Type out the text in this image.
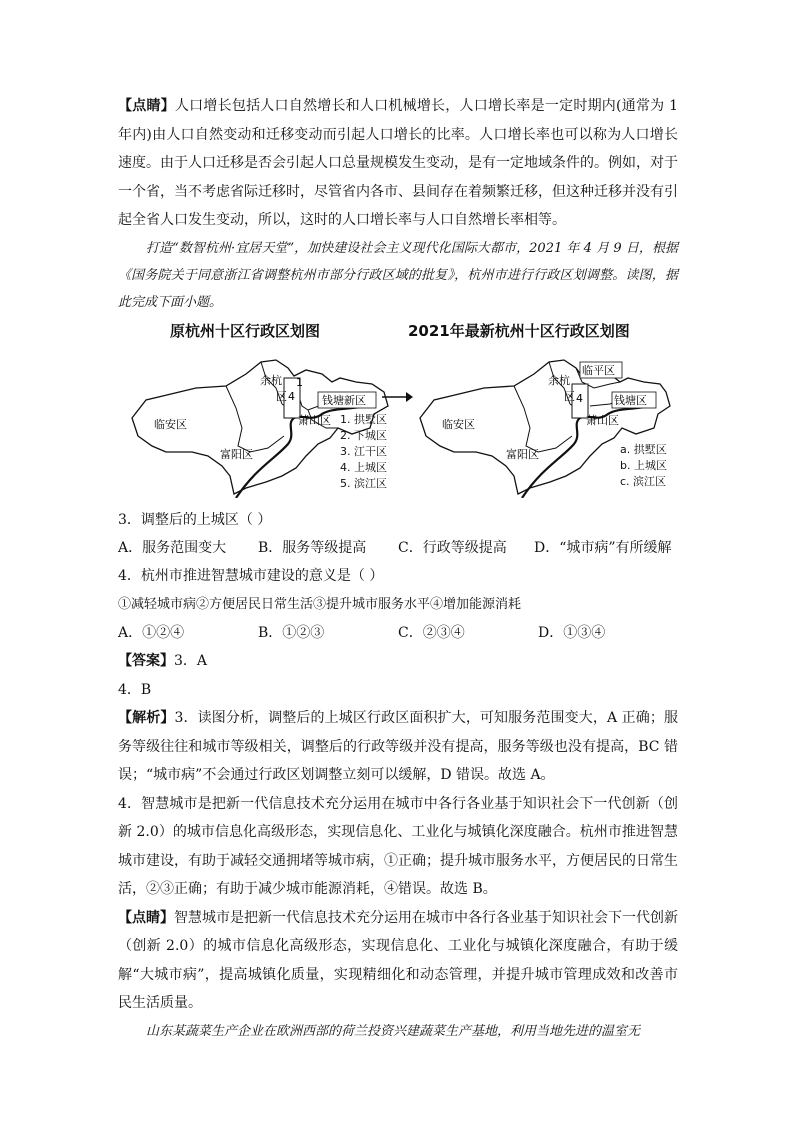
【点睛】人口增长包括人口自然增长和人口机械增长，人口增长率是一定时期内(通常为 1 年内)由人口自然变动和迁移变动而引起人口增长的比率。人口增长率也可以称为人口增长速度。由于人口迁移是否会引起人口总量规模发生变动，是有一定地域条件的。例如，对于一个省，当不考虑省际迁移时，尽管省内各市、县间存在着频繁迁移，但这种迁移并没有引起全省人口发生变动，所以，这时的人口增长率与人口自然增长率相等。

打造“数智杭州·宜居天堂”，加快建设社会主义现代化国际大都市，2021 年 4 月 9 日，根据《国务院关于同意浙江省调整杭州市部分行政区域的批复》，杭州市进行行政区划调整。读图，据此完成下面小题。

原杭州十区行政区划图	2021年最新杭州十区行政区划图
1
4
临安区
余杭
区	钱塘新区
萧山区
富阳区
1. 拱墅区
2. 下城区
3. 江干区
4. 上城区
5. 滨江区
4
临平区
临安区
余杭
区	钱塘区
萧山区
富阳区	a. 拱墅区
b. 上城区
c. 滨江区

3．调整后的上城区（ ）

A．服务范围变大	B．服务等级提高	C．行政等级提高	D．“城市病”有所缓解

4．杭州市推进智慧城市建设的意义是（ ）

①减轻城市病②方便居民日常生活③提升城市服务水平④增加能源消耗

A．①②④	B．①②③	C．②③④	D．①③④

【答案】3．A

4．B

【解析】3．读图分析，调整后的上城区行政区面积扩大，可知服务范围变大，A 正确；服务等级往往和城市等级相关，调整后的行政等级并没有提高，服务等级也没有提高，BC 错误；“城市病”不会通过行政区划调整立刻可以缓解，D 错误。故选 A。

4．智慧城市是把新一代信息技术充分运用在城市中各行各业基于知识社会下一代创新（创新 2.0）的城市信息化高级形态，实现信息化、工业化与城镇化深度融合。杭州市推进智慧城市建设，有助于减轻交通拥堵等城市病，①正确；提升城市服务水平，方便居民的日常生活，②③正确；有助于减少城市能源消耗，④错误。故选 B。

【点睛】智慧城市是把新一代信息技术充分运用在城市中各行各业基于知识社会下一代创新（创新 2.0）的城市信息化高级形态，实现信息化、工业化与城镇化深度融合，有助于缓解“大城市病”，提高城镇化质量，实现精细化和动态管理，并提升城市管理成效和改善市民生活质量。

山东某蔬菜生产企业在欧洲西部的荷兰投资兴建蔬菜生产基地，利用当地先进的温室无
